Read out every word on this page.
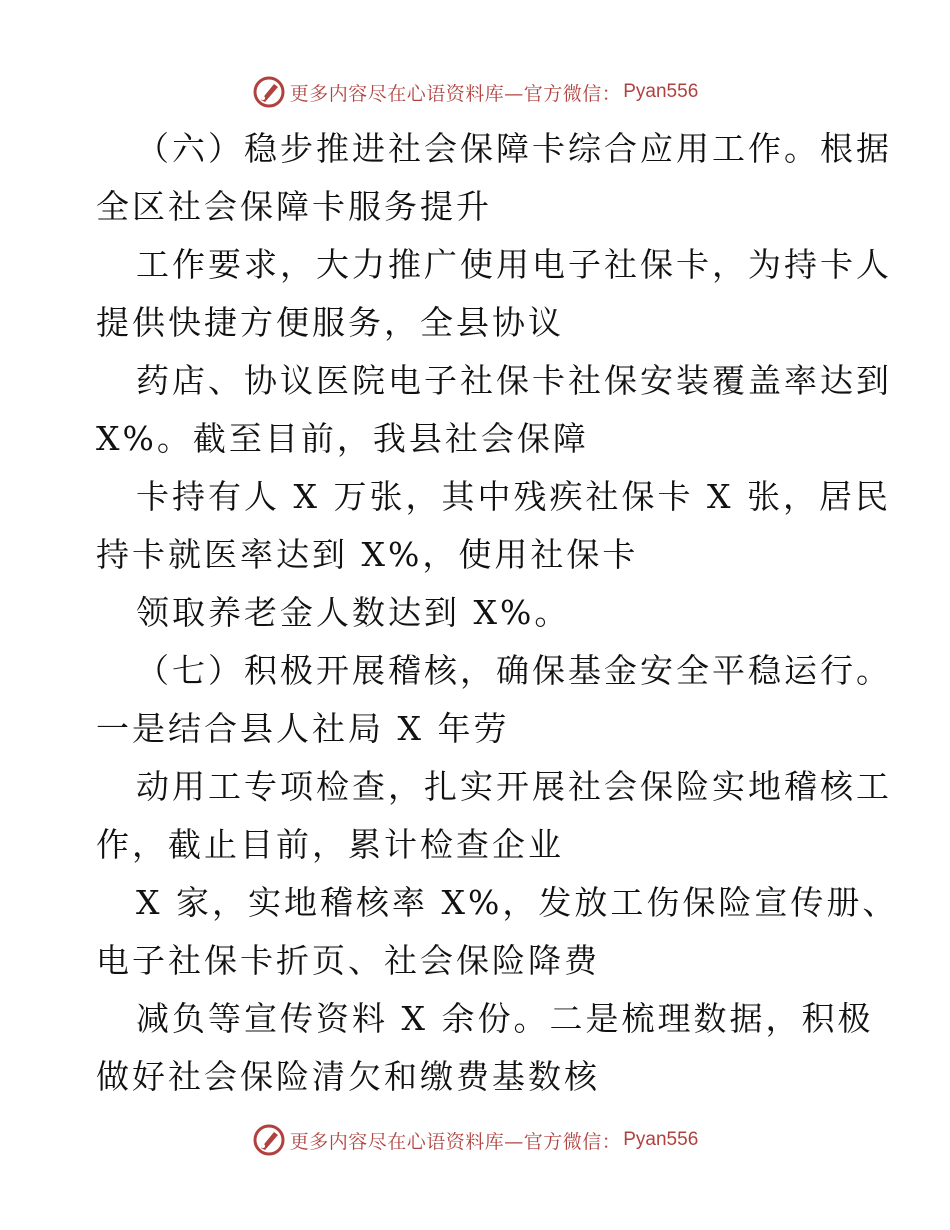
更多内容尽在心语资料库—官方微信： Pyan556
（六）稳步推进社会保障卡综合应用工作。根据
全区社会保障卡服务提升
工作要求，大力推广使用电子社保卡，为持卡人
提供快捷方便服务，全县协议
药店、协议医院电子社保卡社保安装覆盖率达到
X%。截至目前，我县社会保障
卡持有人 X 万张，其中残疾社保卡 X 张，居民
持卡就医率达到 X%，使用社保卡
领取养老金人数达到 X%。
（七）积极开展稽核，确保基金安全平稳运行。
一是结合县人社局 X 年劳
动用工专项检查，扎实开展社会保险实地稽核工
作，截止目前，累计检查企业
X 家，实地稽核率 X%，发放工伤保险宣传册、
电子社保卡折页、社会保险降费
减负等宣传资料 X 余份。二是梳理数据，积极
做好社会保险清欠和缴费基数核
更多内容尽在心语资料库—官方微信： Pyan556
